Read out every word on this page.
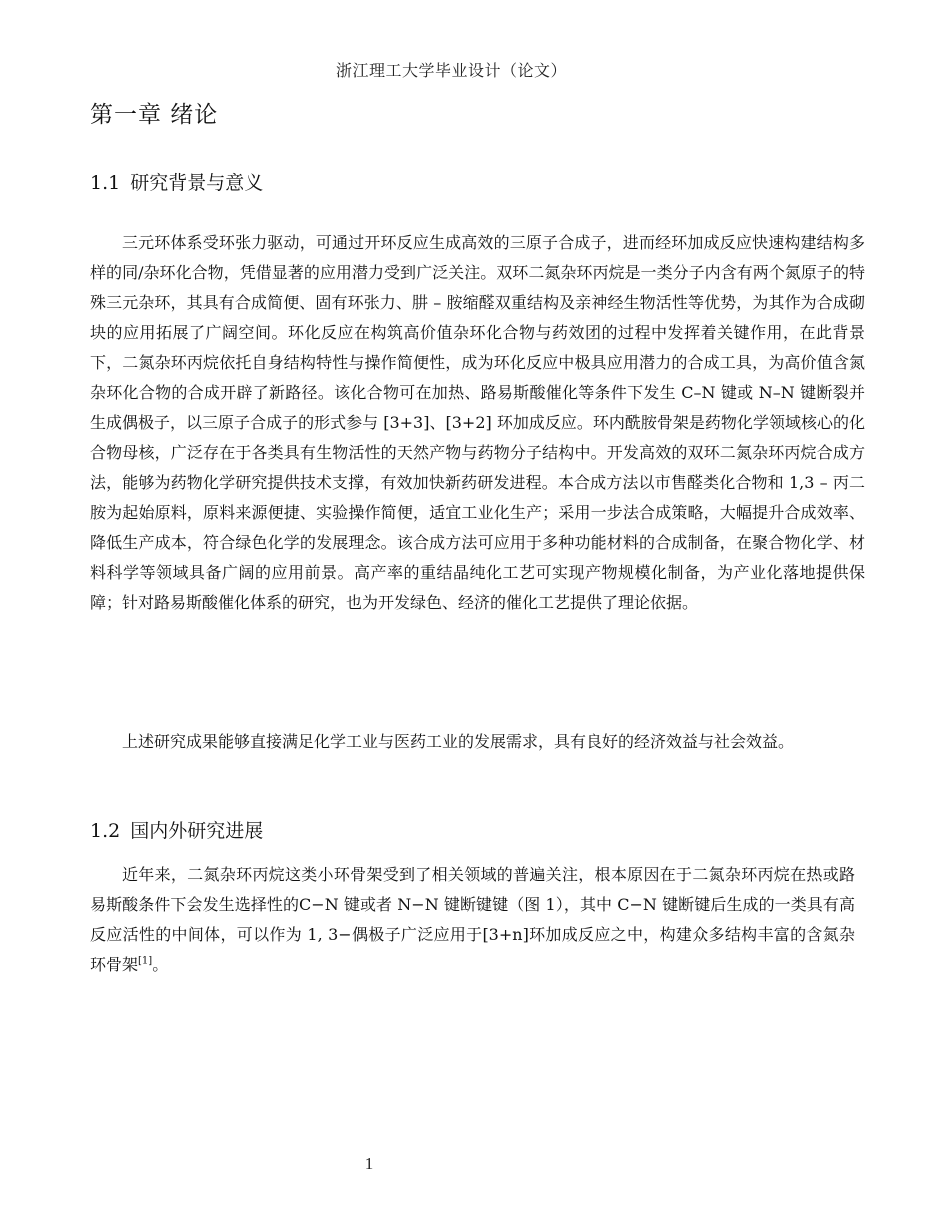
浙江理工大学毕业设计（论文）
第一章 绪论
1.1 研究背景与意义

三元环体系受环张力驱动，可通过开环反应生成高效的三原子合成子，进而经环加成反应快速构建结构多样的同/杂环化合物，凭借显著的应用潜力受到广泛关注。双环二氮杂环丙烷是一类分子内含有两个氮原子的特殊三元杂环，其具有合成简便、固有环张力、肼 – 胺缩醛双重结构及亲神经生物活性等优势，为其作为合成砌块的应用拓展了广阔空间。环化反应在构筑高价值杂环化合物与药效团的过程中发挥着关键作用，在此背景下，二氮杂环丙烷依托自身结构特性与操作简便性，成为环化反应中极具应用潜力的合成工具，为高价值含氮杂环化合物的合成开辟了新路径。该化合物可在加热、路易斯酸催化等条件下发生 C–N 键或 N–N 键断裂并生成偶极子，以三原子合成子的形式参与 [3+3]、[3+2] 环加成反应。环内酰胺骨架是药物化学领域核心的化合物母核，广泛存在于各类具有生物活性的天然产物与药物分子结构中。开发高效的双环二氮杂环丙烷合成方法，能够为药物化学研究提供技术支撑，有效加快新药研发进程。本合成方法以市售醛类化合物和 1,3 – 丙二胺为起始原料，原料来源便捷、实验操作简便，适宜工业化生产；采用一步法合成策略，大幅提升合成效率、降低生产成本，符合绿色化学的发展理念。该合成方法可应用于多种功能材料的合成制备，在聚合物化学、材料科学等领域具备广阔的应用前景。高产率的重结晶纯化工艺可实现产物规模化制备，为产业化落地提供保障；针对路易斯酸催化体系的研究，也为开发绿色、经济的催化工艺提供了理论依据。

上述研究成果能够直接满足化学工业与医药工业的发展需求，具有良好的经济效益与社会效益。

1.2 国内外研究进展

近年来，二氮杂环丙烷这类小环骨架受到了相关领域的普遍关注，根本原因在于二氮杂环丙烷在热或路易斯酸条件下会发生选择性的C−N 键或者 N−N 键断键键（图 1），其中 C−N 键断键后生成的一类具有高反应活性的中间体，可以作为 1, 3−偶极子广泛应用于[3+n]环加成反应之中，构建众多结构丰富的含氮杂环骨架[1]。

1
